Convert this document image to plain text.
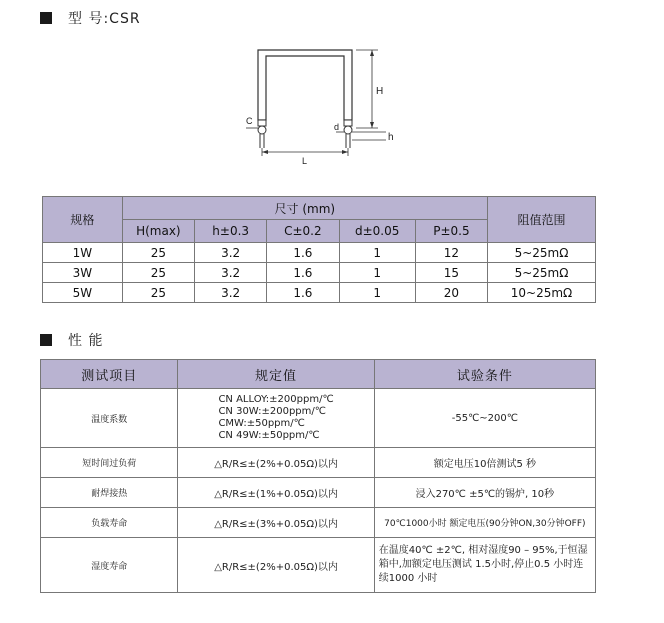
型 号:CSR
H
h
C
d
L
规格	尺寸 (mm)					阻值范围
	H(max)	h±0.3	C±0.2	d±0.05	P±0.5	
1W	25	3.2	1.6	1	12	5~25mΩ
3W	25	3.2	1.6	1	15	5~25mΩ
5W	25	3.2	1.6	1	20	10~25mΩ
性 能
测试项目	规定值	试验条件
温度系数	CN ALLOY:±200ppm/℃
CN 30W:±200ppm/℃
CMW:±50ppm/℃
CN 49W:±50ppm/℃	-55℃~200℃
短时间过负荷	△R/R≤±(2%+0.05Ω)以内	额定电压10倍测试5 秒
耐焊接热	△R/R≤±(1%+0.05Ω)以内	浸入270℃ ±5℃的锡炉, 10秒
负载寿命	△R/R≤±(3%+0.05Ω)以内	70℃1000小时 额定电压(90分钟ON,30分钟OFF)
湿度寿命	△R/R≤±(2%+0.05Ω)以内	在温度40℃ ±2℃, 相对湿度90 – 95%,于恒湿箱中,加额定电压测试 1.5小时,停止0.5 小时连续1000 小时
